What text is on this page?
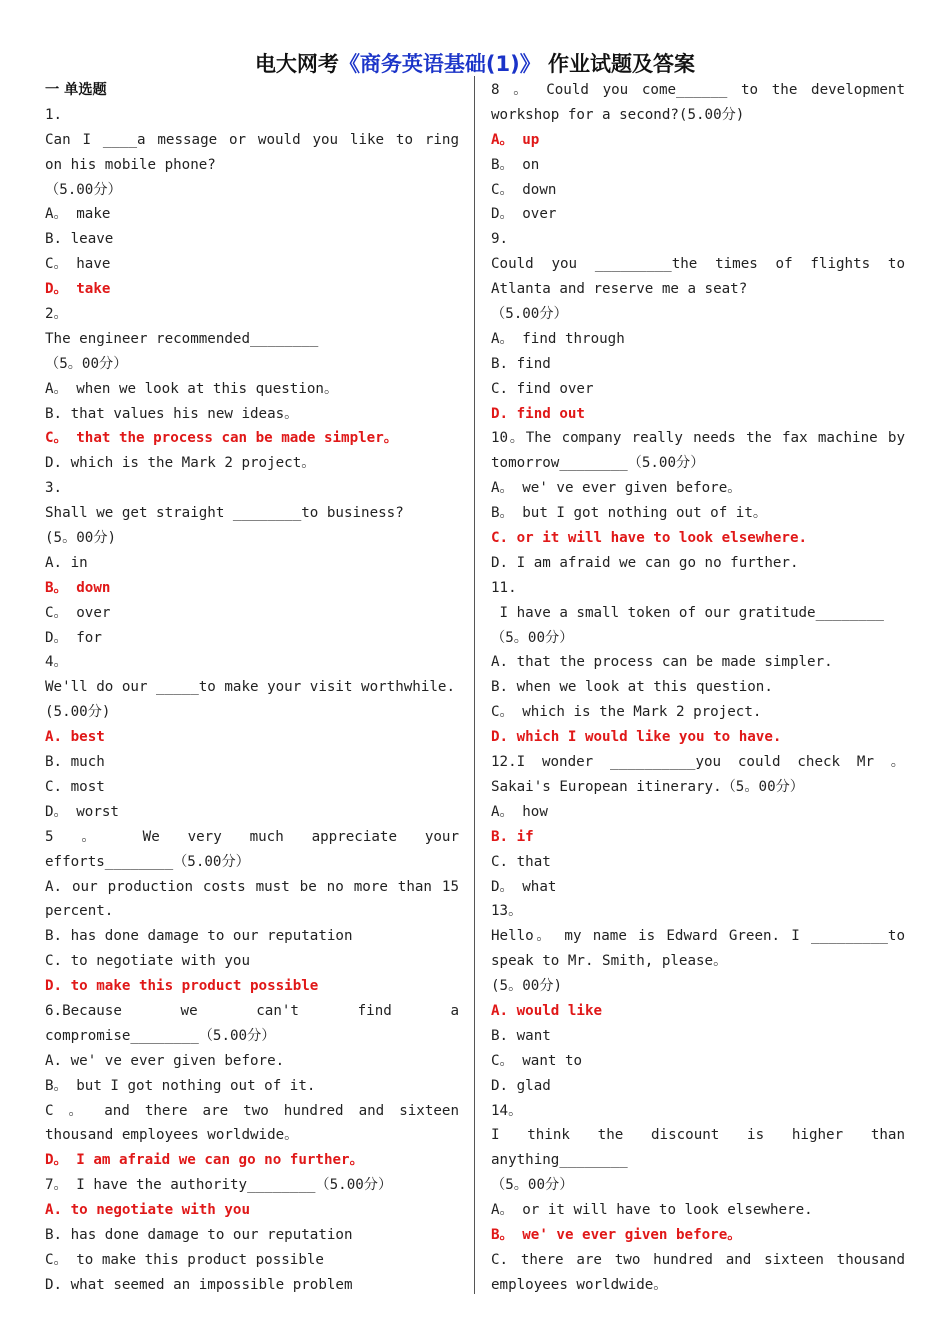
电大网考《商务英语基础(1)》 作业试题及答案
一 单选题
1.
Can I ____a message or would you like to ring
on his mobile phone?
（5.00分）
A。 make
B. leave
C。 have
D。 take
2。
The engineer recommended________
（5。00分）
A。 when we look at this question。
B. that values his new ideas。
C。 that the process can be made simpler。
D. which is the Mark 2 project。
3.
Shall we get straight ________to business?
(5。00分)
A. in
B。 down
C。 over
D。 for
4。
We'll do our _____to make your visit worthwhile.
(5.00分)
A. best
B. much
C. most
D。 worst
5 。 We very much appreciate your
efforts________（5.00分）
A. our production costs must be no more than 15
percent.
B. has done damage to our reputation
C. to negotiate with you
D. to make this product possible
6.Because we can't find a
compromise________（5.00分）
A. we' ve ever given before.
B。 but I got nothing out of it.
C 。 and there are two hundred and sixteen
thousand employees worldwide。
D。 I am afraid we can go no further。
7。 I have the authority________（5.00分）
A. to negotiate with you
B. has done damage to our reputation
C。 to make this product possible
D. what seemed an impossible problem
8 。 Could you come______ to the development
workshop for a second?(5.00分)
A。 up
B。 on
C。 down
D。 over
9.
Could you _________the times of flights to
Atlanta and reserve me a seat?
（5.00分）
A。 find through
B. find
C. find over
D. find out
10。The company really needs the fax machine by
tomorrow________（5.00分）
A。 we' ve ever given before。
B。 but I got nothing out of it。
C. or it will have to look elsewhere.
D. I am afraid we can go no further.
11.
I have a small token of our gratitude________
（5。00分）
A. that the process can be made simpler.
B. when we look at this question.
C。 which is the Mark 2 project.
D. which I would like you to have.
12.I wonder __________you could check Mr 。
Sakai's European itinerary.（5。00分）
A。 how
B. if
C. that
D。 what
13。
Hello。 my name is Edward Green. I _________to
speak to Mr. Smith, please。
(5。00分)
A. would like
B. want
C。 want to
D. glad
14。
I think the discount is higher than
anything________
（5。00分）
A。 or it will have to look elsewhere.
B。 we' ve ever given before。
C. there are two hundred and sixteen thousand
employees worldwide。
